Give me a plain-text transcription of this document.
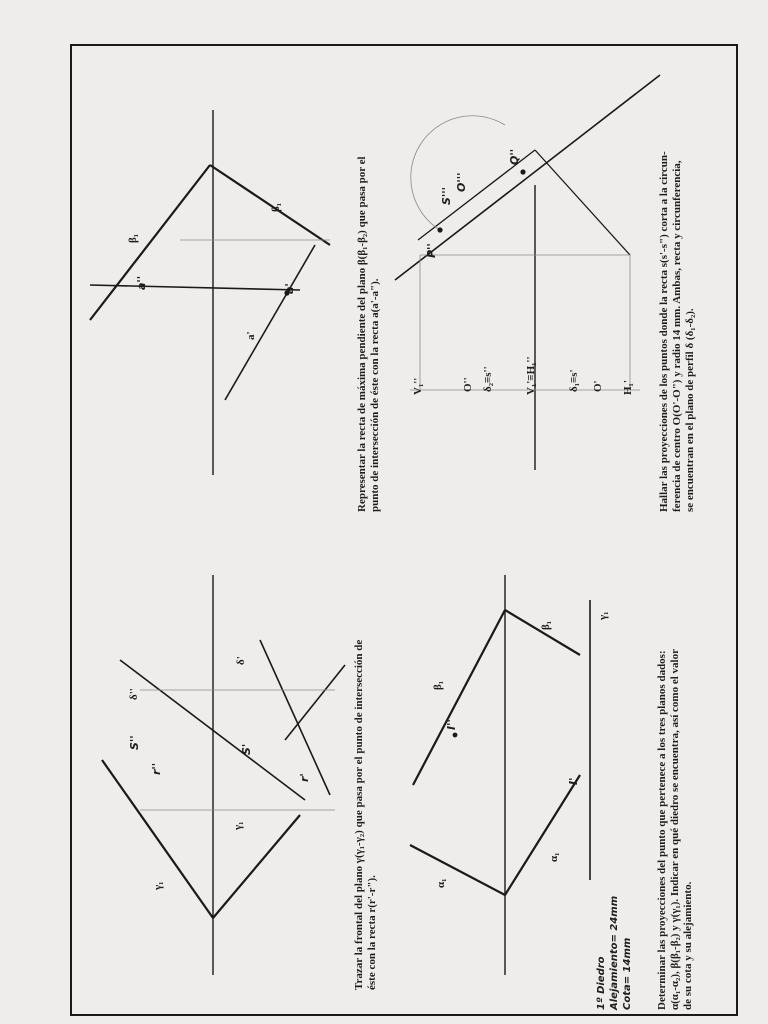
γ₁
γ₁
r''
r'
S''	S'
δ''
δ'	Trazar la frontal del plano γ(γ₁-γ₂) que pasa por el punto de intersección de éste con la recta r(r'-r").	α₁
α₁
β₁
β₁
γ₁
I''
I'	Determinar las proyecciones del punto que pertenece a los tres planos dados: α(α₁-α₂), β(β₁-β₂) y γ(γ₁). Indicar en qué diedro se encuentra, así como el valor de su cota y su alejamiento.
1º Diedro Alejamiento= 24mm Cota= 14mm
β₁
β₁
a''	a'
a'	Representar la recta de máxima pendiente del plano β(β₁-β₂) que pasa por el punto de intersección de éste con la recta a(a'-a").	V₁''	O'' δ₂≡s''	V₁'≡H₁''	δ₁≡s' O' H₁'
P''
Q''
S'''
O'''	Hallar las proyecciones de los puntos donde la recta s(s'-s") corta a la circun- ferencia de centro O(O'-O") y radio 14 mm. Ambas, recta y circunferencia, se encuentran en el plano de perfil δ (δ₁-δ₂).
